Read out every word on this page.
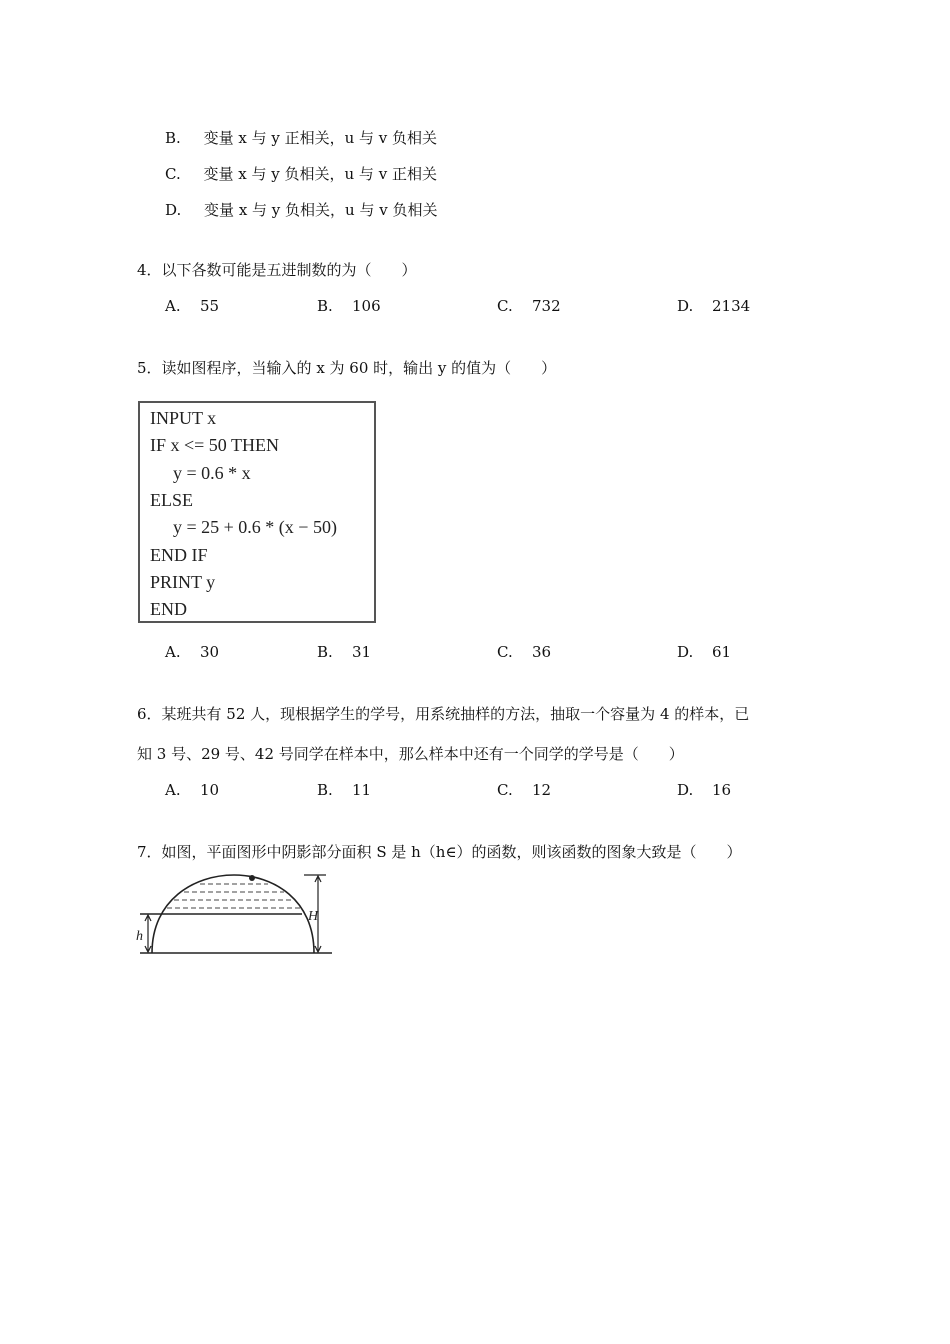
B. 变量 x 与 y 正相关，u 与 v 负相关
C. 变量 x 与 y 负相关，u 与 v 正相关
D. 变量 x 与 y 负相关，u 与 v 负相关
4．以下各数可能是五进制数的为（　　）
A. 55	B. 106	C. 732	D. 2134
5．读如图程序，当输入的 x 为 60 时，输出 y 的值为（　　）
INPUT x
IF x <= 50 THEN
y = 0.6 * x
ELSE
y = 25 + 0.6 * (x − 50)
END IF
PRINT y
END
A. 30	B. 31	C. 36	D. 61
6．某班共有 52 人，现根据学生的学号，用系统抽样的方法，抽取一个容量为 4 的样本，已
知 3 号、29 号、42 号同学在样本中，那么样本中还有一个同学的学号是（　　）
A. 10	B. 11	C. 12	D. 16
7．如图，平面图形中阴影部分面积 S 是 h（h∈）的函数，则该函数的图象大致是（　　）
H
h
